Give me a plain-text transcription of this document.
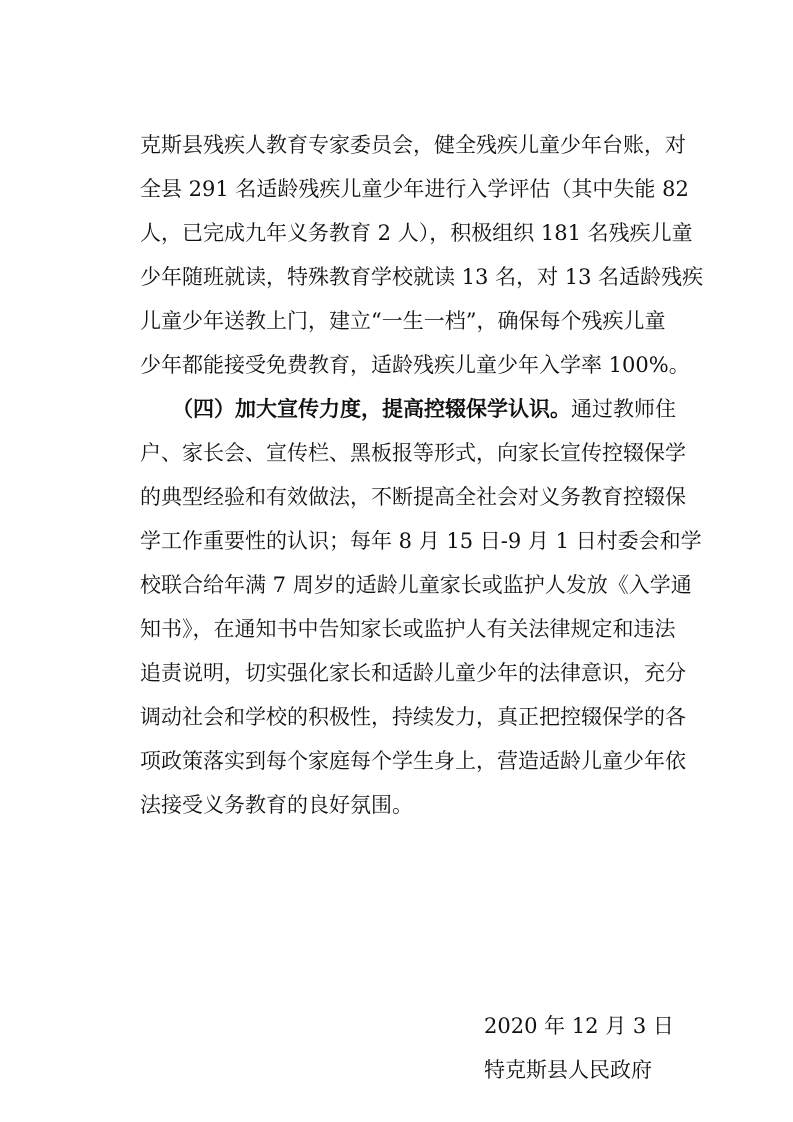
克斯县残疾人教育专家委员会，健全残疾儿童少年台账，对
全县 291 名适龄残疾儿童少年进行入学评估（其中失能 82
人，已完成九年义务教育 2 人），积极组织 181 名残疾儿童
少年随班就读，特殊教育学校就读 13 名，对 13 名适龄残疾
儿童少年送教上门，建立“一生一档”，确保每个残疾儿童
少年都能接受免费教育，适龄残疾儿童少年入学率 100%。
（四）加大宣传力度，提高控辍保学认识。通过教师住
户、家长会、宣传栏、黑板报等形式，向家长宣传控辍保学
的典型经验和有效做法，不断提高全社会对义务教育控辍保
学工作重要性的认识；每年 8 月 15 日-9 月 1 日村委会和学
校联合给年满 7 周岁的适龄儿童家长或监护人发放《入学通
知书》，在通知书中告知家长或监护人有关法律规定和违法
追责说明，切实强化家长和适龄儿童少年的法律意识，充分
调动社会和学校的积极性，持续发力，真正把控辍保学的各
项政策落实到每个家庭每个学生身上，营造适龄儿童少年依
法接受义务教育的良好氛围。
2020 年 12 月 3 日
特克斯县人民政府
